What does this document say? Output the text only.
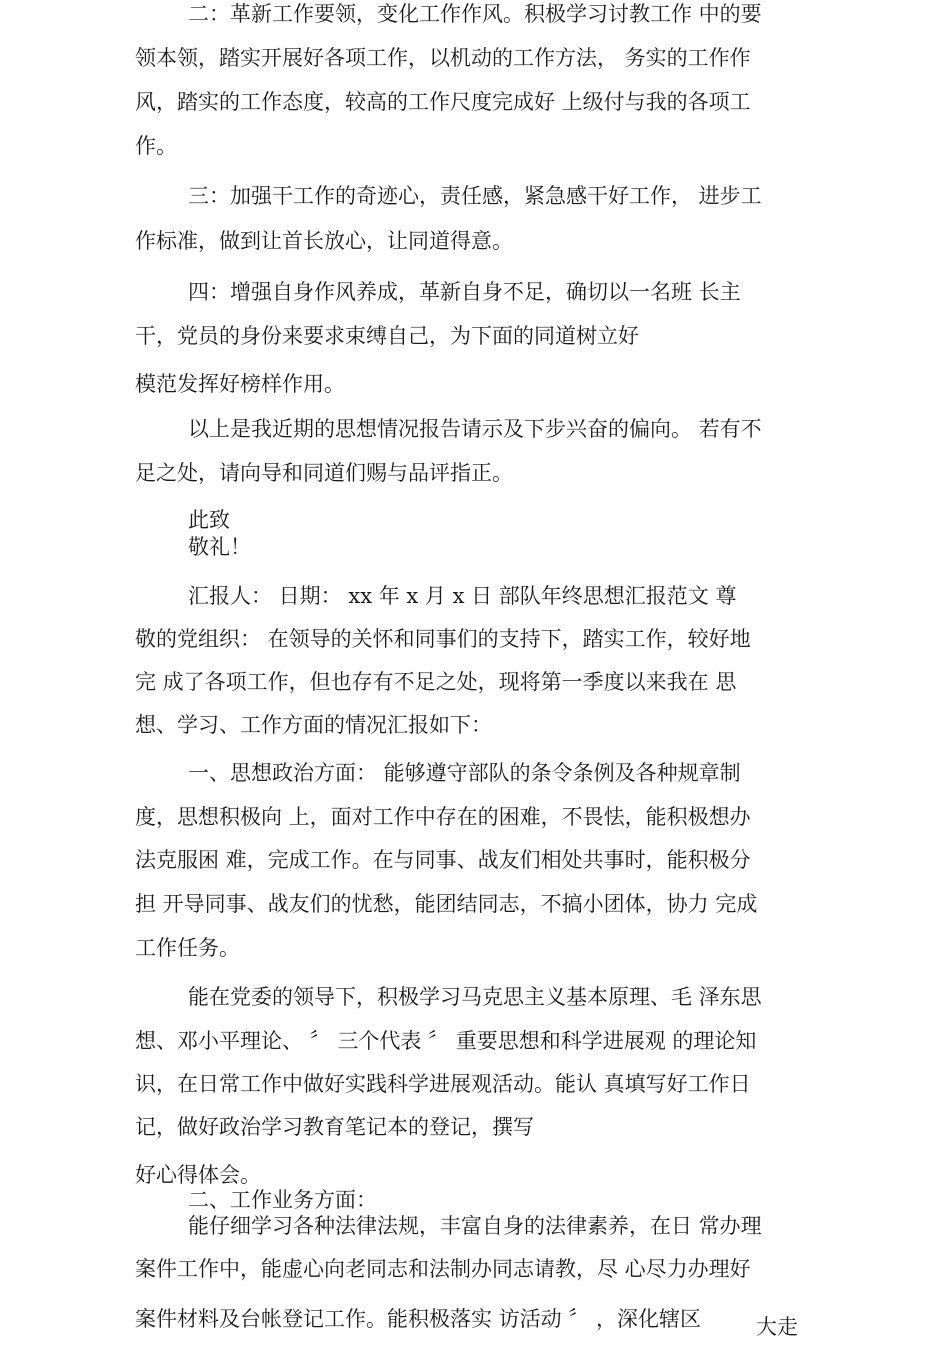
二：革新工作要领，变化工作作风。积极学习讨教工作 中的要
领本领，踏实开展好各项工作，以机动的工作方法， 务实的工作作
风，踏实的工作态度，较高的工作尺度完成好 上级付与我的各项工
作。
三：加强干工作的奇迹心，责任感，紧急感干好工作， 进步工
作标准，做到让首长放心，让同道得意。
四：增强自身作风养成，革新自身不足，确切以一名班 长主
干，党员的身份来要求束缚自己，为下面的同道树立好
模范发挥好榜样作用。
以上是我近期的思想情况报告请示及下步兴奋的偏向。 若有不
足之处，请向导和同道们赐与品评指正。
此致
敬礼！
汇报人： 日期： xx 年 x 月 x 日 部队年终思想汇报范文 尊
敬的党组织： 在领导的关怀和同事们的支持下，踏实工作，较好地
完 成了各项工作，但也存有不足之处，现将第一季度以来我在 思
想、学习、工作方面的情况汇报如下：
一、思想政治方面： 能够遵守部队的条令条例及各种规章制
度，思想积极向 上，面对工作中存在的困难，不畏怯，能积极想办
法克服困 难，完成工作。在与同事、战友们相处共事时，能积极分
担 开导同事、战友们的忧愁，能团结同志，不搞小团体，协力 完成
工作任务。
能在党委的领导下，积极学习马克思主义基本原理、毛 泽东思
想、邓小平理论、 〞 三个代表 〞 重要思想和科学进展观 的理论知
识，在日常工作中做好实践科学进展观活动。能认 真填写好工作日
记，做好政治学习教育笔记本的登记，撰写
好心得体会。
二、工作业务方面：
能仔细学习各种法律法规，丰富自身的法律素养，在日 常办理
案件工作中，能虚心向老同志和法制办同志请教，尽 心尽力办理好
案件材料及台帐登记工作。能积极落实 访活动 〞 ，深化辖区	大走
